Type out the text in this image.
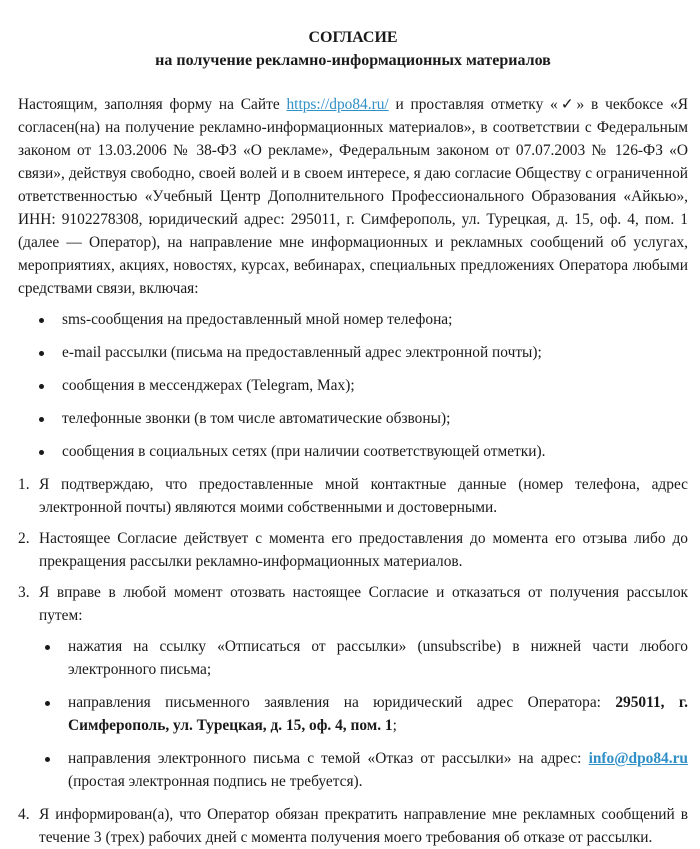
СОГЛАСИЕ
на получение рекламно-информационных материалов

Настоящим, заполняя форму на Сайте https://dpo84.ru/ и проставляя отметку «✓» в чекбоксе «Я согласен(на) на получение рекламно-информационных материалов», в соответствии с Федеральным законом от 13.03.2006 № 38-ФЗ «О рекламе», Федеральным законом от 07.07.2003 № 126-ФЗ «О связи», действуя свободно, своей волей и в своем интересе, я даю согласие Обществу с ограниченной ответственностью «Учебный Центр Дополнительного Профессионального Образования «Айкью», ИНН: 9102278308, юридический адрес: 295011, г. Симферополь, ул. Турецкая, д. 15, оф. 4, пом. 1 (далее — Оператор), на направление мне информационных и рекламных сообщений об услугах, мероприятиях, акциях, новостях, курсах, вебинарах, специальных предложениях Оператора любыми средствами связи, включая:

sms-сообщения на предоставленный мной номер телефона;
e-mail рассылки (письма на предоставленный адрес электронной почты);
сообщения в мессенджерах (Telegram, Max);
телефонные звонки (в том числе автоматические обзвоны);
сообщения в социальных сетях (при наличии соответствующей отметки).
1. Я подтверждаю, что предоставленные мной контактные данные (номер телефона, адрес электронной почты) являются моими собственными и достоверными.
2. Настоящее Согласие действует с момента его предоставления до момента его отзыва либо до прекращения рассылки рекламно-информационных материалов.
3. Я вправе в любой момент отозвать настоящее Согласие и отказаться от получения рассылок путем:
нажатия на ссылку «Отписаться от рассылки» (unsubscribe) в нижней части любого электронного письма;
направления письменного заявления на юридический адрес Оператора: 295011, г. Симферополь, ул. Турецкая, д. 15, оф. 4, пом. 1;
направления электронного письма с темой «Отказ от рассылки» на адрес: info@dpo84.ru (простая электронная подпись не требуется).
4. Я информирован(а), что Оператор обязан прекратить направление мне рекламных сообщений в течение 3 (трех) рабочих дней с момента получения моего требования об отказе от рассылки.
